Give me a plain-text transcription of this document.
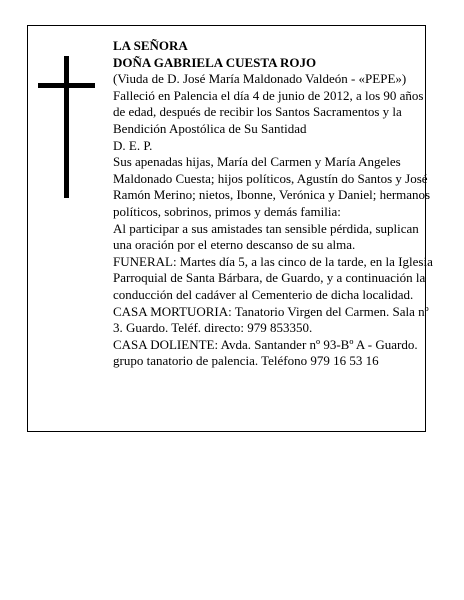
LA SEÑORA

DOÑA GABRIELA CUESTA ROJO

(Viuda de D. José María Maldonado Valdeón - «PEPE»)

Falleció en Palencia el día 4 de junio de 2012, a los 90 años de edad, después de recibir los Santos Sacramentos y la Bendición Apostólica de Su Santidad

D. E. P.

Sus apenadas hijas, María del Carmen y María Angeles Maldonado Cuesta; hijos políticos, Agustín do Santos y José Ramón Merino; nietos, Ibonne, Verónica y Daniel; hermanos políticos, sobrinos, primos y demás familia:

Al participar a sus amistades tan sensible pérdida, suplican una oración por el eterno descanso de su alma.

FUNERAL: Martes día 5, a las cinco de la tarde, en la Iglesia Parroquial de Santa Bárbara, de Guardo, y a continuación la conducción del cadáver al Cementerio de dicha localidad.

CASA MORTUORIA: Tanatorio Virgen del Carmen. Sala nº 3. Guardo. Teléf. directo: 979 853350.

CASA DOLIENTE: Avda. Santander nº 93-Bº A - Guardo.

grupo tanatorio de palencia. Teléfono 979 16 53 16
